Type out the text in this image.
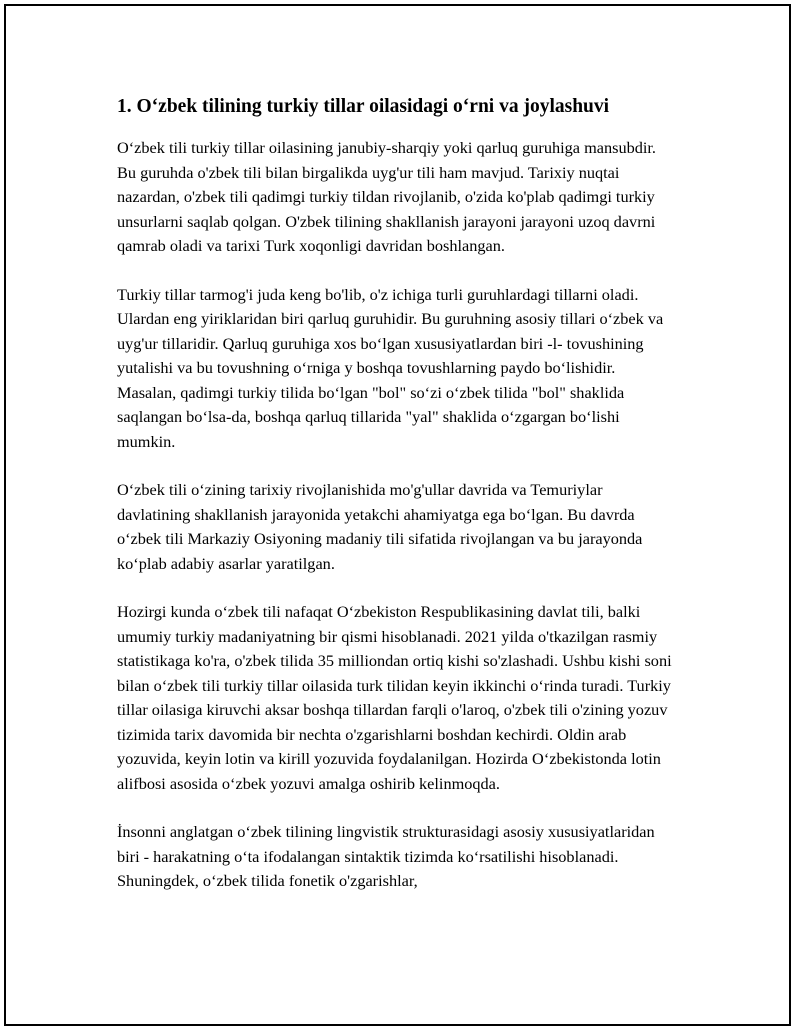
1. O‘zbek tilining turkiy tillar oilasidagi o‘rni va joylashuvi

O‘zbek tili turkiy tillar oilasining janubiy-sharqiy yoki qarluq guruhiga mansubdir. Bu guruhda o'zbek tili bilan birgalikda uyg'ur tili ham mavjud. Tarixiy nuqtai nazardan, o'zbek tili qadimgi turkiy tildan rivojlanib, o'zida ko'plab qadimgi turkiy unsurlarni saqlab qolgan. O'zbek tilining shakllanish jarayoni jarayoni uzoq davrni qamrab oladi va tarixi Turk xoqonligi davridan boshlangan.

Turkiy tillar tarmog'i juda keng bo'lib, o'z ichiga turli guruhlardagi tillarni oladi. Ulardan eng yiriklaridan biri qarluq guruhidir. Bu guruhning asosiy tillari o‘zbek va uyg'ur tillaridir. Qarluq guruhiga xos bo‘lgan xususiyatlardan biri -l- tovushining yutalishi va bu tovushning o‘rniga y boshqa tovushlarning paydo bo‘lishidir. Masalan, qadimgi turkiy tilida bo‘lgan "bol" so‘zi o‘zbek tilida "bol" shaklida saqlangan bo‘lsa-da, boshqa qarluq tillarida "yal" shaklida o‘zgargan bo‘lishi mumkin.

O‘zbek tili o‘zining tarixiy rivojlanishida mo'g'ullar davrida va Temuriylar davlatining shakllanish jarayonida yetakchi ahamiyatga ega bo‘lgan. Bu davrda o‘zbek tili Markaziy Osiyoning madaniy tili sifatida rivojlangan va bu jarayonda ko‘plab adabiy asarlar yaratilgan.

Hozirgi kunda o‘zbek tili nafaqat O‘zbekiston Respublikasining davlat tili, balki umumiy turkiy madaniyatning bir qismi hisoblanadi. 2021 yilda o'tkazilgan rasmiy statistikaga ko'ra, o'zbek tilida 35 milliondan ortiq kishi so'zlashadi. Ushbu kishi soni bilan o‘zbek tili turkiy tillar oilasida turk tilidan keyin ikkinchi o‘rinda turadi. Turkiy tillar oilasiga kiruvchi aksar boshqa tillardan farqli o'laroq, o'zbek tili o'zining yozuv tizimida tarix davomida bir nechta o'zgarishlarni boshdan kechirdi. Oldin arab yozuvida, keyin lotin va kirill yozuvida foydalanilgan. Hozirda O‘zbekistonda lotin alifbosi asosida o‘zbek yozuvi amalga oshirib kelinmoqda.

İnsonni anglatgan o‘zbek tilining lingvistik strukturasidagi asosiy xususiyatlaridan biri - harakatning o‘ta ifodalangan sintaktik tizimda ko‘rsatilishi hisoblanadi. Shuningdek, o‘zbek tilida fonetik o'zgarishlar,
